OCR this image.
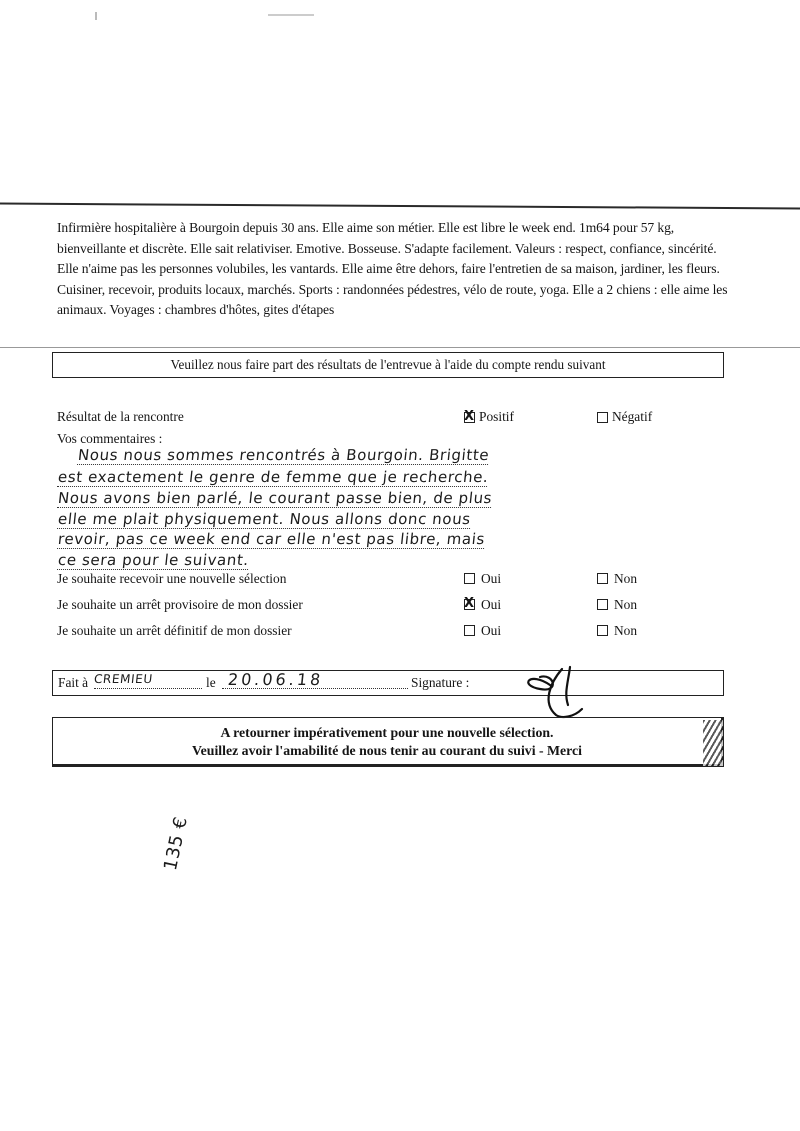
Infirmière hospitalière à Bourgoin depuis 30 ans. Elle aime son métier. Elle est libre le week end. 1m64 pour 57 kg, bienveillante et discrète. Elle sait relativiser. Emotive. Bosseuse. S'adapte facilement. Valeurs : respect, confiance, sincérité. Elle n'aime pas les personnes volubiles, les vantards. Elle aime être dehors, faire l'entretien de sa maison, jardiner, les fleurs. Cuisiner, recevoir, produits locaux, marchés. Sports : randonnées pédestres, vélo de route, yoga. Elle a 2 chiens : elle aime les animaux. Voyages : chambres d'hôtes, gites d'étapes
Veuillez nous faire part des résultats de l'entrevue à l'aide du compte rendu suivant
Résultat de la rencontre	X Positif	Négatif
Vos commentaires :
Nous nous sommes rencontrés à Bourgoin. Brigitte
est exactement le genre de femme que je recherche.
Nous avons bien parlé, le courant passe bien, de plus
elle me plait physiquement. Nous allons donc nous
revoir, pas ce week end car elle n'est pas libre, mais
ce sera pour le suivant.
Je souhaite recevoir une nouvelle sélection	Oui	Non
Je souhaite un arrêt provisoire de mon dossier	X Oui	Non
Je souhaite un arrêt définitif de mon dossier	Oui	Non
Fait à CREMIEU	le 20.06.18	Signature :
A retourner impérativement pour une nouvelle sélection.
Veuillez avoir l'amabilité de nous tenir au courant du suivi - Merci
135 €
